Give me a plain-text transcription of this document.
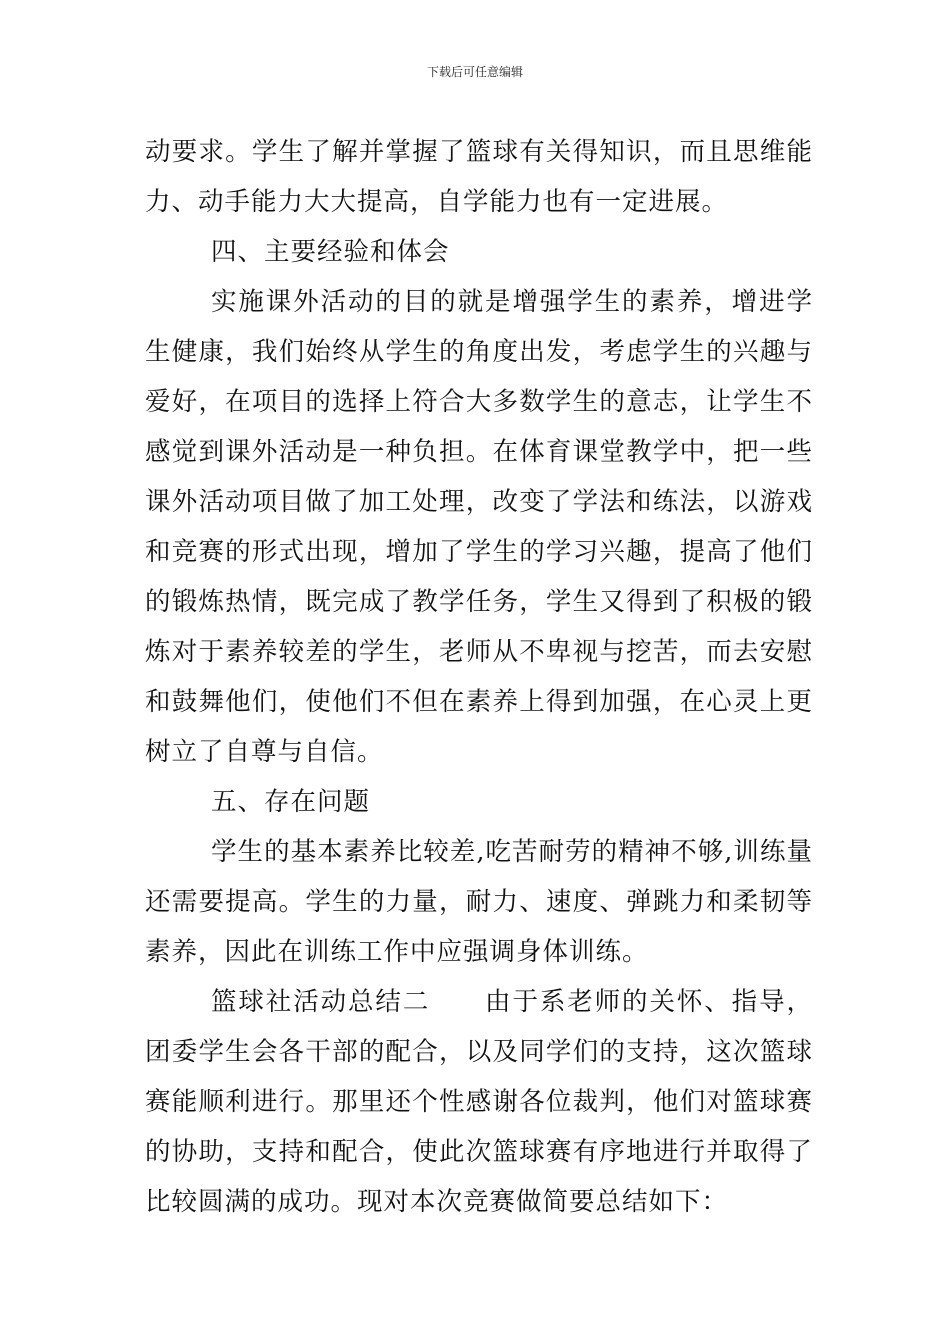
下载后可任意编辑

动要求。学生了解并掌握了篮球有关得知识，而且思维能力、动手能力大大提高，自学能力也有一定进展。

四、主要经验和体会

实施课外活动的目的就是增强学生的素养，增进学生健康，我们始终从学生的角度出发，考虑学生的兴趣与爱好，在项目的选择上符合大多数学生的意志，让学生不感觉到课外活动是一种负担。在体育课堂教学中，把一些课外活动项目做了加工处理，改变了学法和练法，以游戏和竞赛的形式出现，增加了学生的学习兴趣，提高了他们的锻炼热情，既完成了教学任务，学生又得到了积极的锻炼对于素养较差的学生，老师从不卑视与挖苦，而去安慰和鼓舞他们，使他们不但在素养上得到加强，在心灵上更树立了自尊与自信。

五、存在问题

学生的基本素养比较差,吃苦耐劳的精神不够,训练量还需要提高。学生的力量，耐力、速度、弹跳力和柔韧等素养，因此在训练工作中应强调身体训练。

篮球社活动总结二　　由于系老师的关怀、指导，团委学生会各干部的配合，以及同学们的支持，这次篮球赛能顺利进行。那里还个性感谢各位裁判，他们对篮球赛的协助，支持和配合，使此次篮球赛有序地进行并取得了比较圆满的成功。现对本次竞赛做简要总结如下：
